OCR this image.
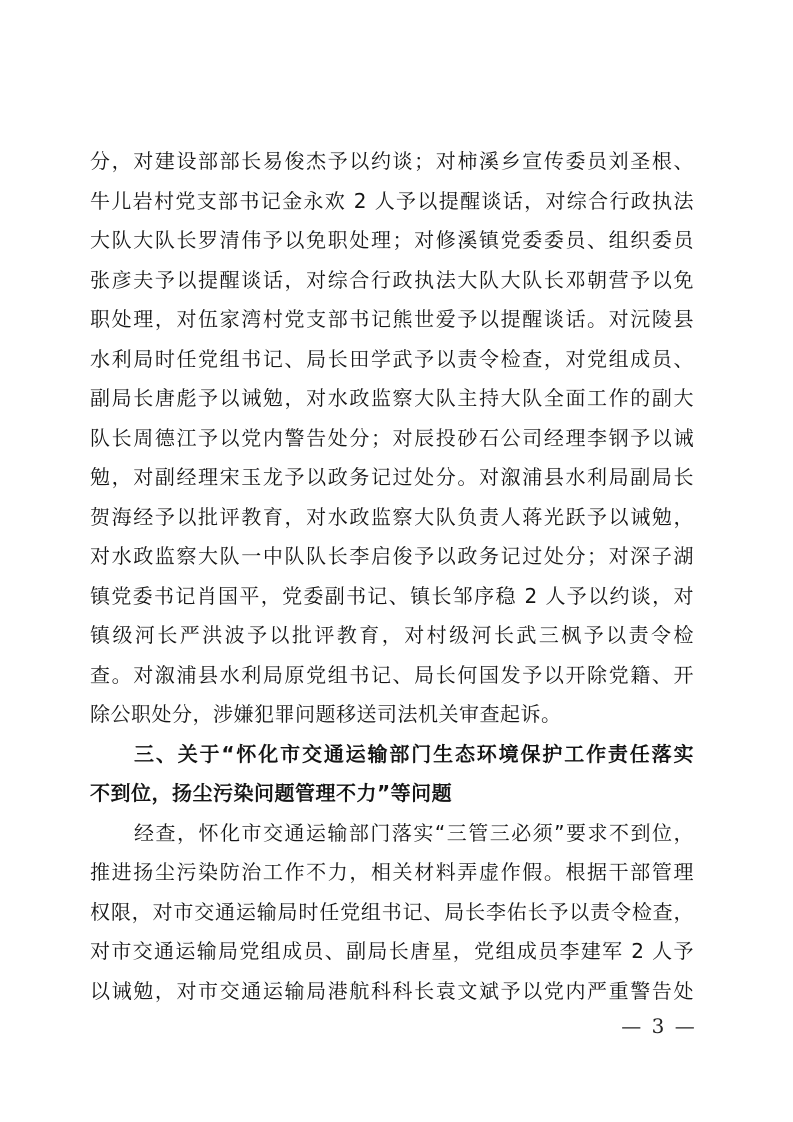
分，对建设部部长易俊杰予以约谈；对柿溪乡宣传委员刘圣根、
牛儿岩村党支部书记金永欢 2 人予以提醒谈话，对综合行政执法
大队大队长罗清伟予以免职处理；对修溪镇党委委员、组织委员
张彦夫予以提醒谈话，对综合行政执法大队大队长邓朝营予以免
职处理，对伍家湾村党支部书记熊世爱予以提醒谈话。对沅陵县
水利局时任党组书记、局长田学武予以责令检查，对党组成员、
副局长唐彪予以诫勉，对水政监察大队主持大队全面工作的副大
队长周德江予以党内警告处分；对辰投砂石公司经理李钢予以诫
勉，对副经理宋玉龙予以政务记过处分。对溆浦县水利局副局长
贺海经予以批评教育，对水政监察大队负责人蒋光跃予以诫勉，
对水政监察大队一中队队长李启俊予以政务记过处分；对深子湖
镇党委书记肖国平，党委副书记、镇长邹序稳 2 人予以约谈，对
镇级河长严洪波予以批评教育，对村级河长武三枫予以责令检
查。对溆浦县水利局原党组书记、局长何国发予以开除党籍、开
除公职处分，涉嫌犯罪问题移送司法机关审查起诉。
三、关于“怀化市交通运输部门生态环境保护工作责任落实
不到位，扬尘污染问题管理不力”等问题
经查，怀化市交通运输部门落实“三管三必须”要求不到位，
推进扬尘污染防治工作不力，相关材料弄虚作假。根据干部管理
权限，对市交通运输局时任党组书记、局长李佑长予以责令检查，
对市交通运输局党组成员、副局长唐星，党组成员李建军 2 人予
以诫勉，对市交通运输局港航科科长袁文斌予以党内严重警告处
— 3 —
